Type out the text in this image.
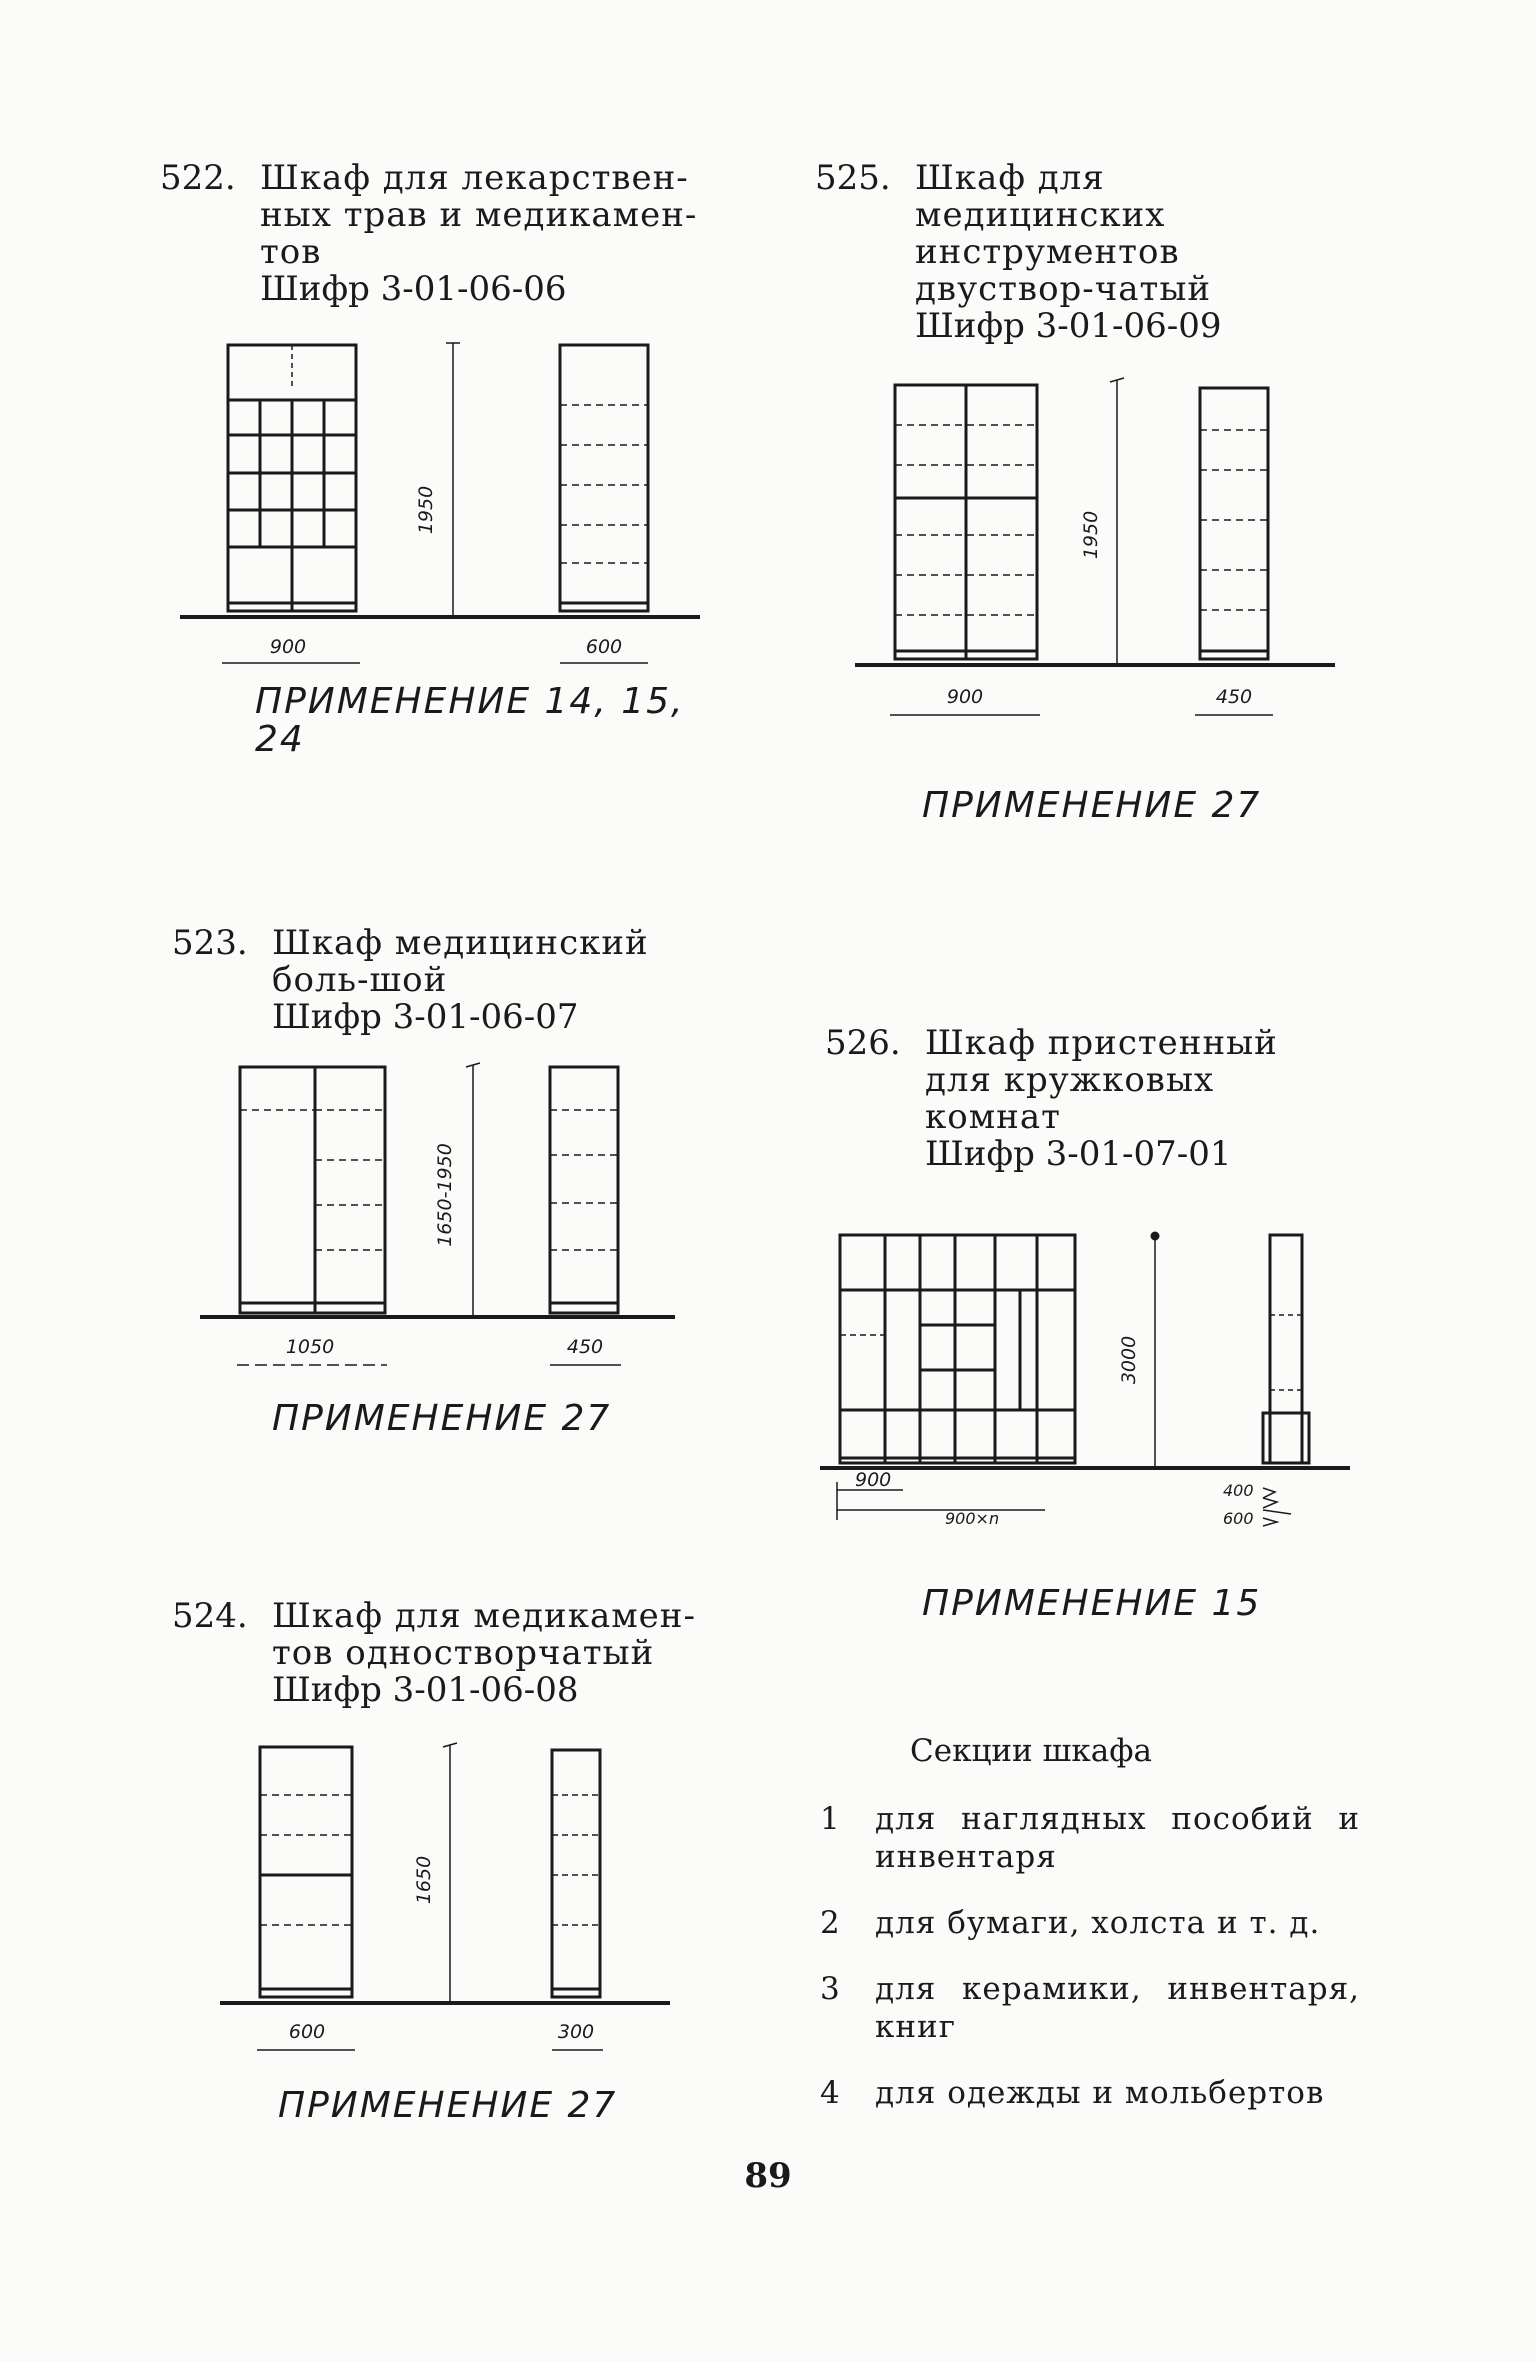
522. Шкаф для лекарствен-ных трав и медикамен-тов
Шифр 3-01-06-06
1950
900	600
ПРИМЕНЕНИЕ 14, 15,
24
525. Шкаф для медицинских инструментов двуствор-чатый
Шифр 3-01-06-09
1950
900	450
ПРИМЕНЕНИЕ 27
523. Шкаф медицинский боль-шой
Шифр 3-01-06-07
1650-1950
1050	450
ПРИМЕНЕНИЕ 27
526. Шкаф пристенный для кружковых комнат
Шифр 3-01-07-01
3000
900
900×n
400
600
ПРИМЕНЕНИЕ 15
524. Шкаф для медикамен-тов одностворчатый
Шифр 3-01-06-08
1650
600	300
ПРИМЕНЕНИЕ 27
Секции шкафа
1	для наглядных пособий и инвентаря
2	для бумаги, холста и т. д.
3	для керамики, инвентаря, книг
4	для одежды и мольбертов
89
